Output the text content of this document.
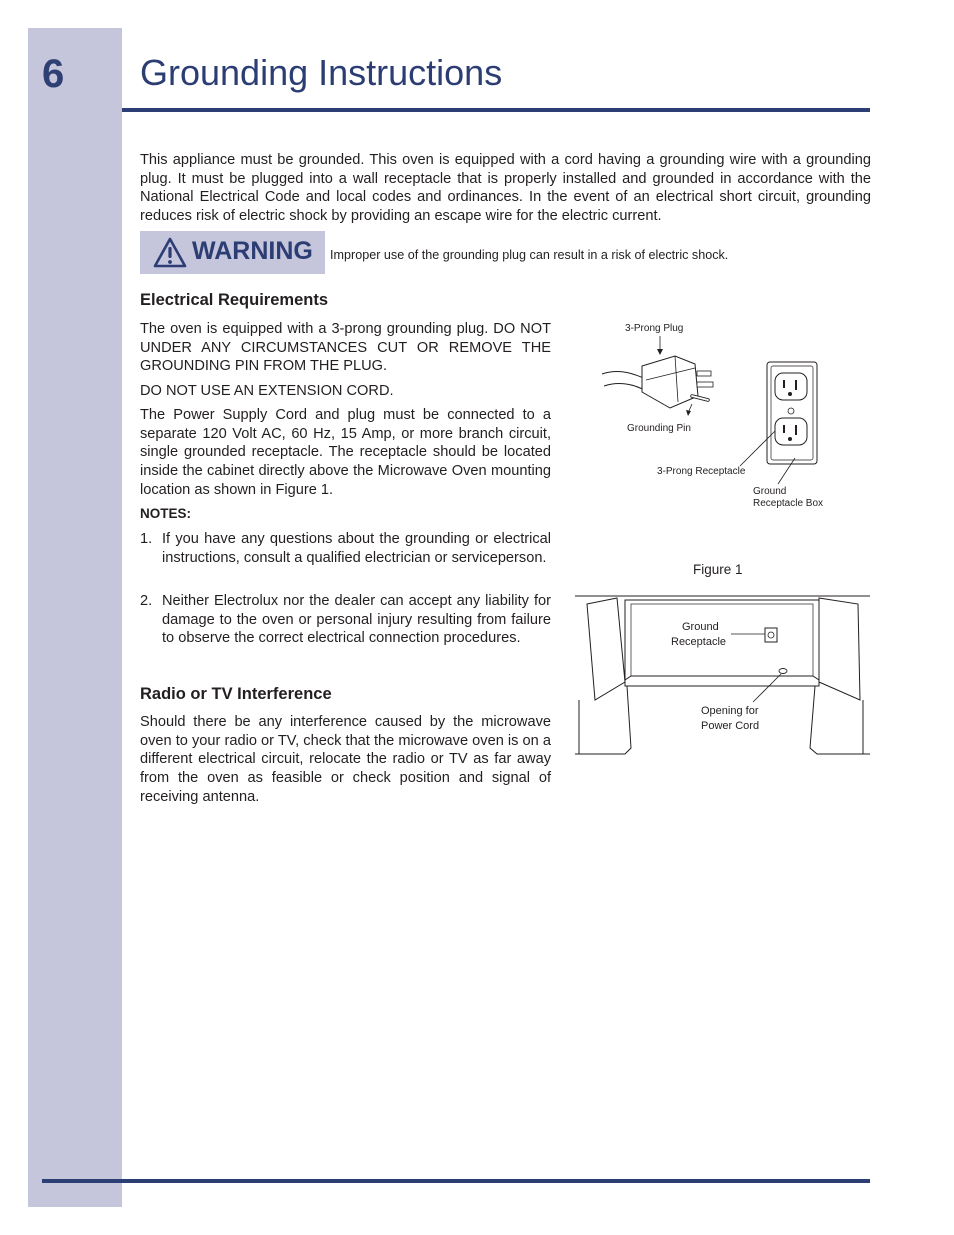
6 Grounding Instructions

This appliance must be grounded. This oven is equipped with a cord having a grounding wire with a grounding plug. It must be plugged into a wall receptacle that is properly installed and grounded in accordance with the National Electrical Code and local codes and ordinances. In the event of an electrical short circuit, grounding reduces risk of electric shock by providing an escape wire for the electric current.

WARNING Improper use of the grounding plug can result in a risk of electric shock.
Electrical Requirements

The oven is equipped with a 3-prong grounding plug. DO NOT UNDER ANY CIRCUMSTANCES CUT OR REMOVE THE GROUNDING PIN FROM THE PLUG.

DO NOT USE AN EXTENSION CORD.

The Power Supply Cord and plug must be connected to a separate 120 Volt AC, 60 Hz, 15 Amp, or more branch circuit, single grounded receptacle. The receptacle should be located inside the cabinet directly above the Microwave Oven mounting location as shown in Figure 1.

NOTES:
1. If you have any questions about the grounding or electrical instructions, consult a qualified electrician or serviceperson.
2. Neither Electrolux nor the dealer can accept any liability for damage to the oven or personal injury resulting from failure to observe the correct electrical connection procedures.
Radio or TV Interference

Should there be any interference caused by the microwave oven to your radio or TV, check that the microwave oven is on a different electrical circuit, relocate the radio or TV as far away from the oven as feasible or check position and signal of receiving antenna.

3-Prong Plug
Grounding Pin
3-Prong Receptacle
Ground
Receptacle Box
Figure 1
Ground
Receptacle
Opening for
Power Cord
